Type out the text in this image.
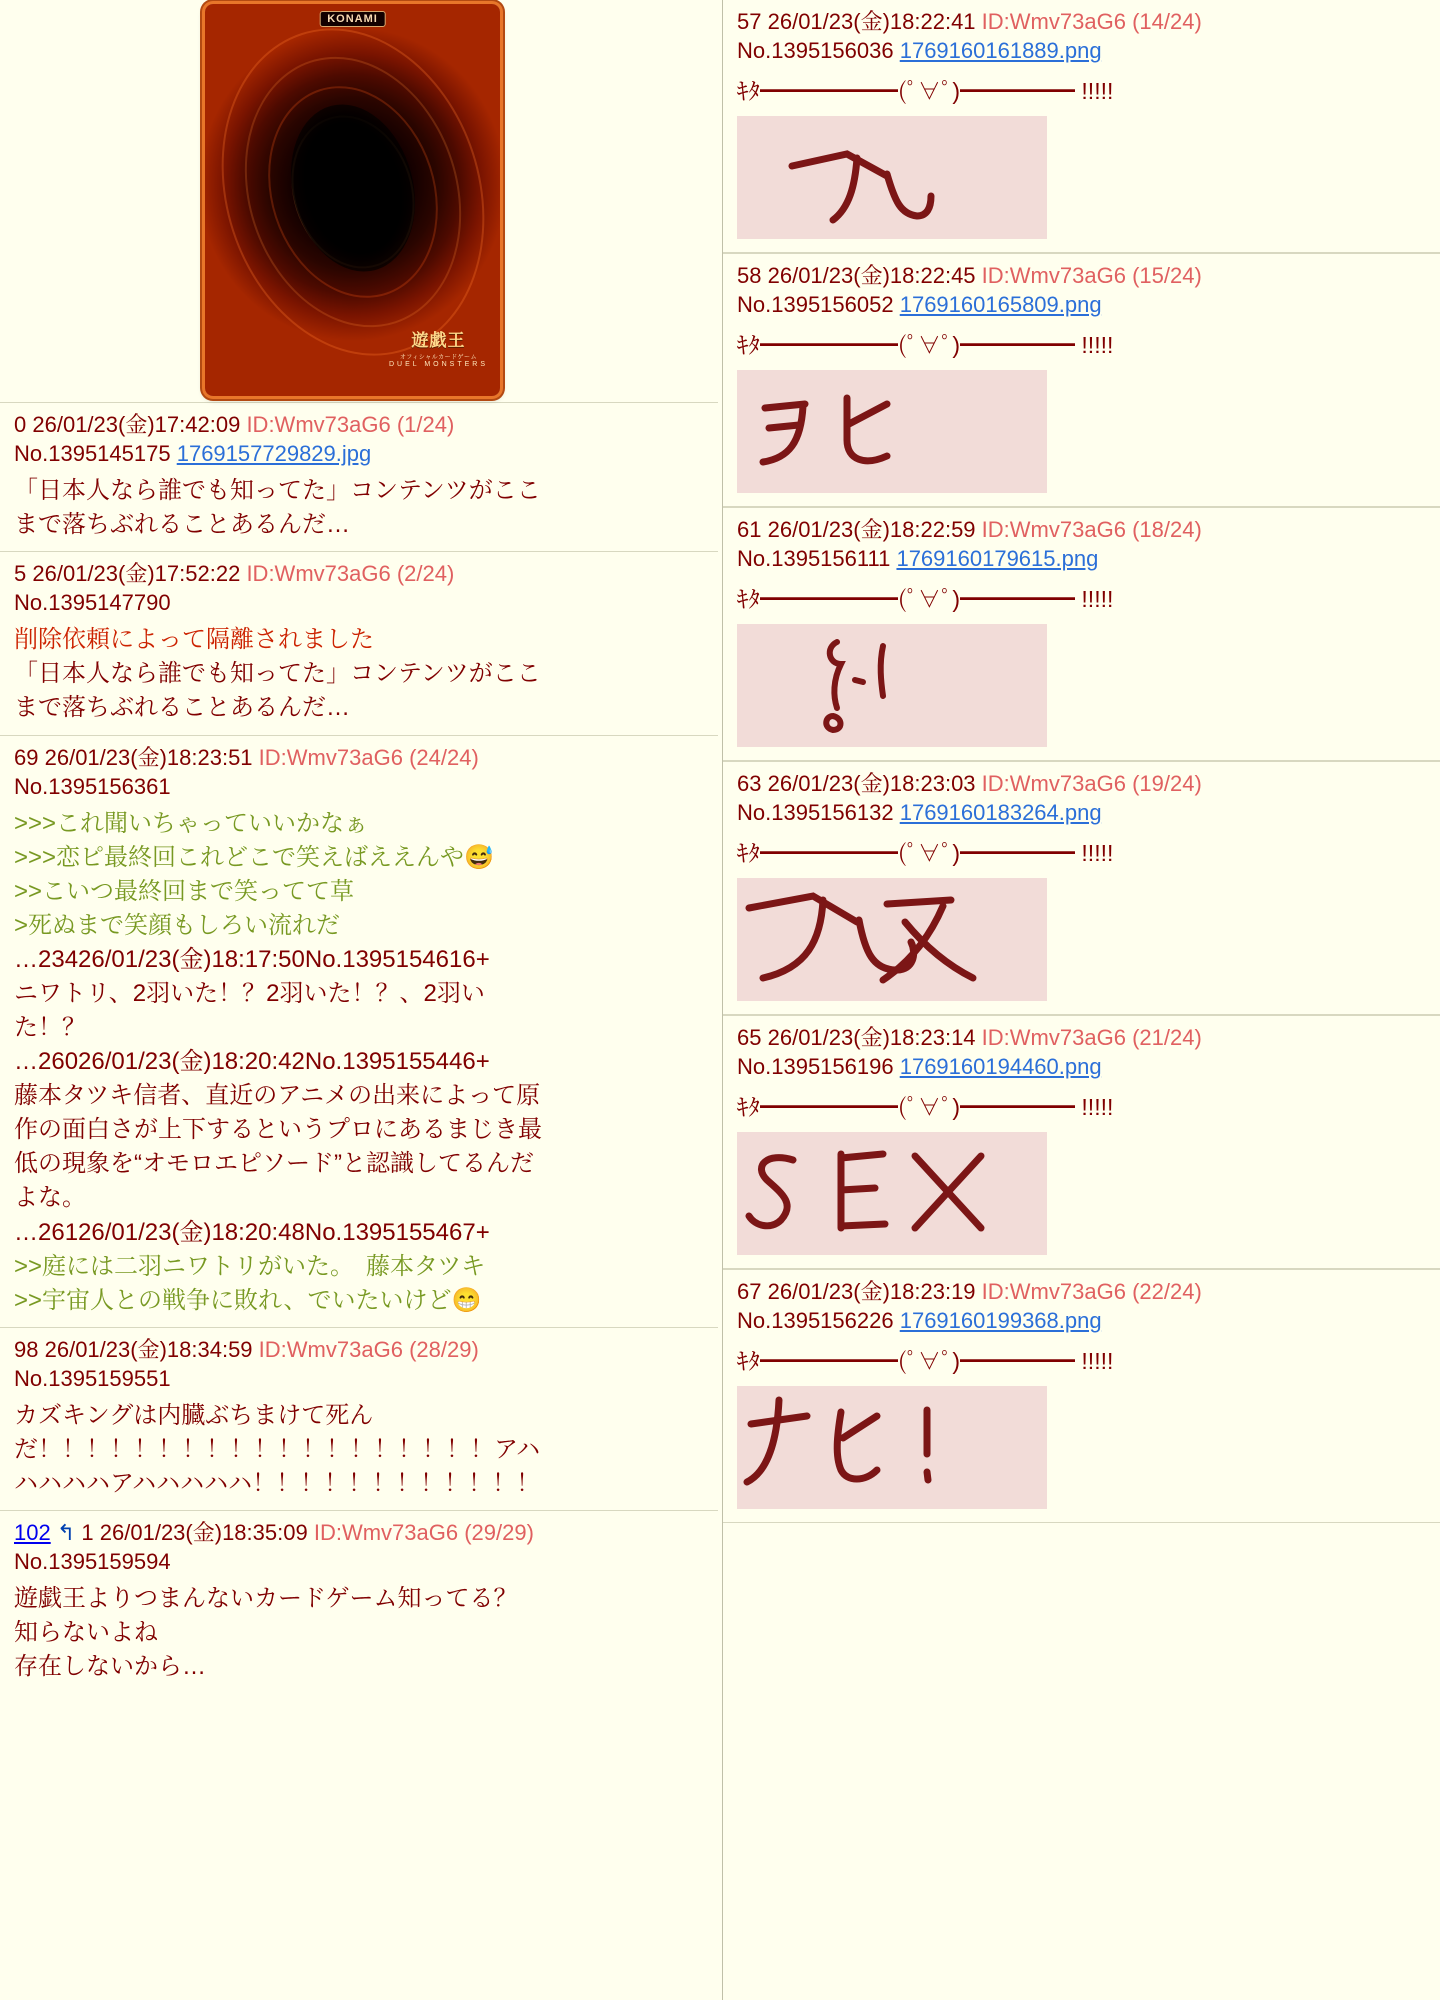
KONAMI
遊戯王
オフィシャルカードゲーム
DUEL MONSTERS
0 26/01/23(金)17:42:09 ID:Wmv73aG6 (1/24)
No.1395145175 1769157729829.jpg
「日本人なら誰でも知ってた」コンテンツがここ
まで落ちぶれることあるんだ…
5 26/01/23(金)17:52:22 ID:Wmv73aG6 (2/24)
No.1395147790
削除依頼によって隔離されました
「日本人なら誰でも知ってた」コンテンツがここ
まで落ちぶれることあるんだ…
69 26/01/23(金)18:23:51 ID:Wmv73aG6 (24/24)
No.1395156361
>>>これ聞いちゃっていいかなぁ
>>>恋ピ最終回これどこで笑えばええんや😅
>>こいつ最終回まで笑ってて草
>死ぬまで笑顔もしろい流れだ
…23426/01/23(金)18:17:50No.1395154616+
ニワトリ、2羽いた！？2羽いた！？、2羽い
た！？
…26026/01/23(金)18:20:42No.1395155446+
藤本タツキ信者、直近のアニメの出来によって原
作の面白さが上下するというプロにあるまじき最
低の現象を“オモロエピソード”と認識してるんだ
よな。
…26126/01/23(金)18:20:48No.1395155467+
>>庭には二羽ニワトリがいた。　藤本タツキ
>>宇宙人との戦争に敗れ、でいたいけど😁
98 26/01/23(金)18:34:59 ID:Wmv73aG6 (28/29)
No.1395159551
カズキングは内臓ぶちまけて死ん
だ！！！！！！！！！！！！！！！！！！！アハ
ハハハハアハハハハハ！！！！！！！！！！！！
102 ↰ 1 26/01/23(金)18:35:09 ID:Wmv73aG6 (29/29)
No.1395159594
遊戯王よりつまんないカードゲーム知ってる？
知らないよね
存在しないから…
57 26/01/23(金)18:22:41 ID:Wmv73aG6 (14/24)
No.1395156036 1769160161889.png
ｷﾀ━━━━━━(ﾟ∀ﾟ)━━━━━ !!!!!
58 26/01/23(金)18:22:45 ID:Wmv73aG6 (15/24)
No.1395156052 1769160165809.png
ｷﾀ━━━━━━(ﾟ∀ﾟ)━━━━━ !!!!!
61 26/01/23(金)18:22:59 ID:Wmv73aG6 (18/24)
No.1395156111 1769160179615.png
ｷﾀ━━━━━━(ﾟ∀ﾟ)━━━━━ !!!!!
63 26/01/23(金)18:23:03 ID:Wmv73aG6 (19/24)
No.1395156132 1769160183264.png
ｷﾀ━━━━━━(ﾟ∀ﾟ)━━━━━ !!!!!
65 26/01/23(金)18:23:14 ID:Wmv73aG6 (21/24)
No.1395156196 1769160194460.png
ｷﾀ━━━━━━(ﾟ∀ﾟ)━━━━━ !!!!!
67 26/01/23(金)18:23:19 ID:Wmv73aG6 (22/24)
No.1395156226 1769160199368.png
ｷﾀ━━━━━━(ﾟ∀ﾟ)━━━━━ !!!!!
